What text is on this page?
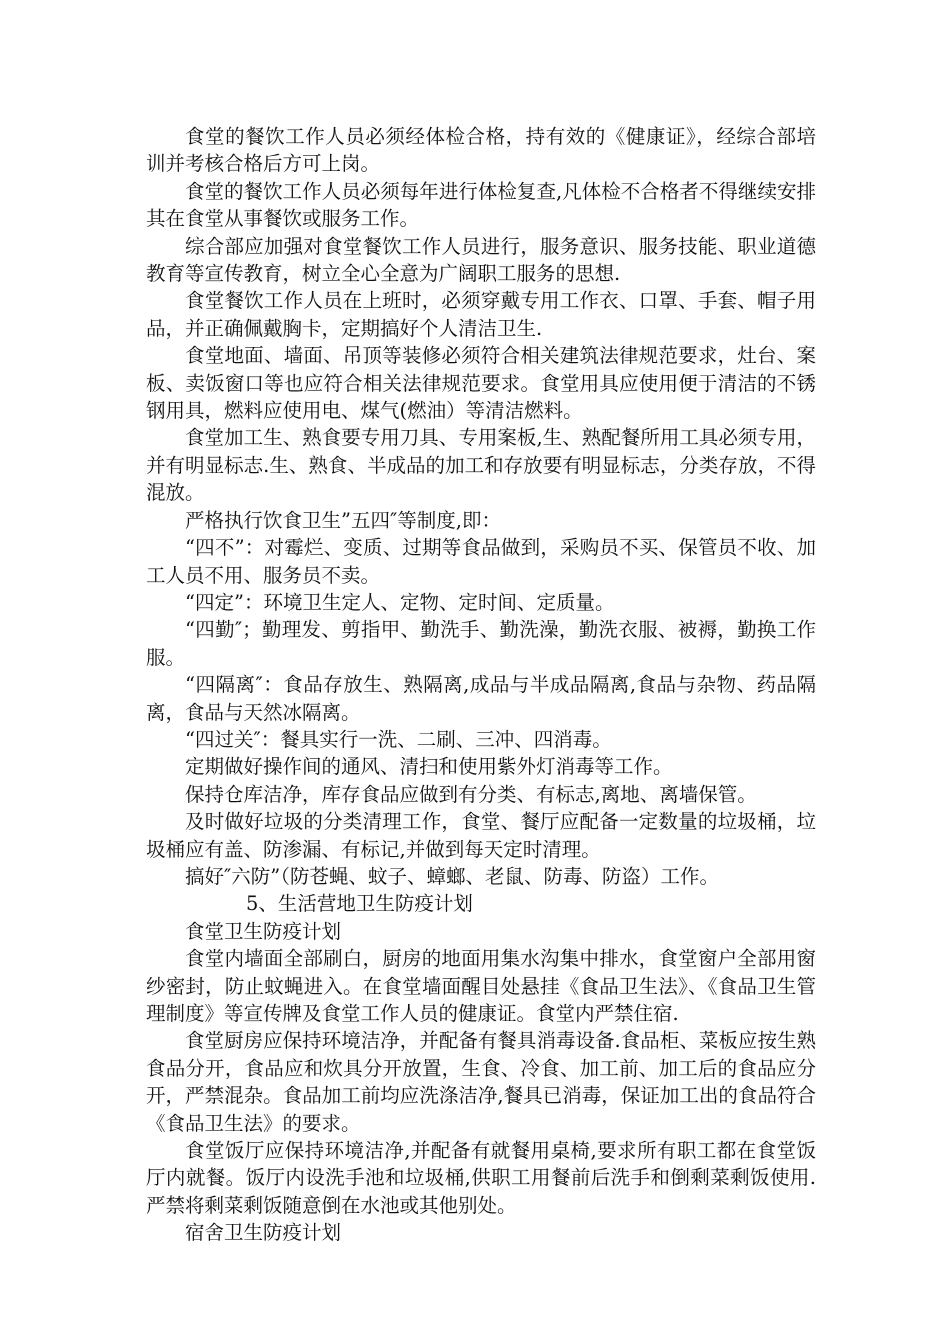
食堂的餐饮工作人员必须经体检合格，持有效的《健康证》，经综合部培训并考核合格后方可上岗。

食堂的餐饮工作人员必须每年进行体检复查,凡体检不合格者不得继续安排其在食堂从事餐饮或服务工作。

综合部应加强对食堂餐饮工作人员进行，服务意识、服务技能、职业道德教育等宣传教育，树立全心全意为广阔职工服务的思想.

食堂餐饮工作人员在上班时，必须穿戴专用工作衣、口罩、手套、帽子用品，并正确佩戴胸卡，定期搞好个人清洁卫生.

食堂地面、墙面、吊顶等装修必须符合相关建筑法律规范要求，灶台、案板、卖饭窗口等也应符合相关法律规范要求。食堂用具应使用便于清洁的不锈钢用具，燃料应使用电、煤气(燃油）等清洁燃料。

食堂加工生、熟食要专用刀具、专用案板,生、熟配餐所用工具必须专用，并有明显标志.生、熟食、半成品的加工和存放要有明显标志，分类存放，不得混放。

严格执行饮食卫生”五四″等制度,即：

“四不”：对霉烂、变质、过期等食品做到，采购员不买、保管员不收、加工人员不用、服务员不卖。

“四定”：环境卫生定人、定物、定时间、定质量。

“四勤″；勤理发、剪指甲、勤洗手、勤洗澡，勤洗衣服、被褥，勤换工作服。

“四隔离″：食品存放生、熟隔离,成品与半成品隔离,食品与杂物、药品隔离，食品与天然冰隔离。

“四过关″：餐具实行一洗、二刷、三冲、四消毒。

定期做好操作间的通风、清扫和使用紫外灯消毒等工作。

保持仓库洁净，库存食品应做到有分类、有标志,离地、离墙保管。

及时做好垃圾的分类清理工作，食堂、餐厅应配备一定数量的垃圾桶，垃圾桶应有盖、防渗漏、有标记,并做到每天定时清理。

搞好″六防”（防苍蝇、蚊子、蟑螂、老鼠、防毒、防盗）工作。

5、生活营地卫生防疫计划

食堂卫生防疫计划

食堂内墙面全部刷白，厨房的地面用集水沟集中排水，食堂窗户全部用窗纱密封，防止蚊蝇进入。在食堂墙面醒目处悬挂《食品卫生法》、《食品卫生管理制度》等宣传牌及食堂工作人员的健康证。食堂内严禁住宿.

食堂厨房应保持环境洁净，并配备有餐具消毒设备.食品柜、菜板应按生熟食品分开，食品应和炊具分开放置，生食、冷食、加工前、加工后的食品应分开，严禁混杂。食品加工前均应洗涤洁净,餐具已消毒，保证加工出的食品符合《食品卫生法》的要求。

食堂饭厅应保持环境洁净,并配备有就餐用桌椅,要求所有职工都在食堂饭厅内就餐。饭厅内设洗手池和垃圾桶,供职工用餐前后洗手和倒剩菜剩饭使用.严禁将剩菜剩饭随意倒在水池或其他别处。

宿舍卫生防疫计划
